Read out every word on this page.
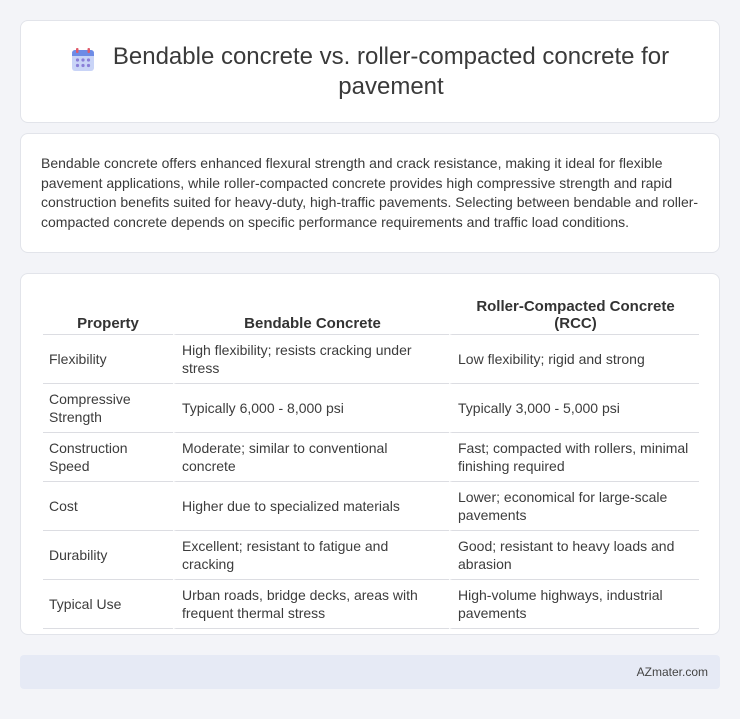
Bendable concrete vs. roller-compacted concrete for pavement

Bendable concrete offers enhanced flexural strength and crack resistance, making it ideal for flexible pavement applications, while roller-compacted concrete provides high compressive strength and rapid construction benefits suited for heavy-duty, high-traffic pavements. Selecting between bendable and roller-compacted concrete depends on specific performance requirements and traffic load conditions.

Property	Bendable Concrete	Roller-Compacted Concrete (RCC)
Flexibility	High flexibility; resists cracking under stress	Low flexibility; rigid and strong
Compressive Strength	Typically 6,000 - 8,000 psi	Typically 3,000 - 5,000 psi
Construction Speed	Moderate; similar to conventional concrete	Fast; compacted with rollers, minimal finishing required
Cost	Higher due to specialized materials	Lower; economical for large-scale pavements
Durability	Excellent; resistant to fatigue and cracking	Good; resistant to heavy loads and abrasion
Typical Use	Urban roads, bridge decks, areas with frequent thermal stress	High-volume highways, industrial pavements
AZmater.com
